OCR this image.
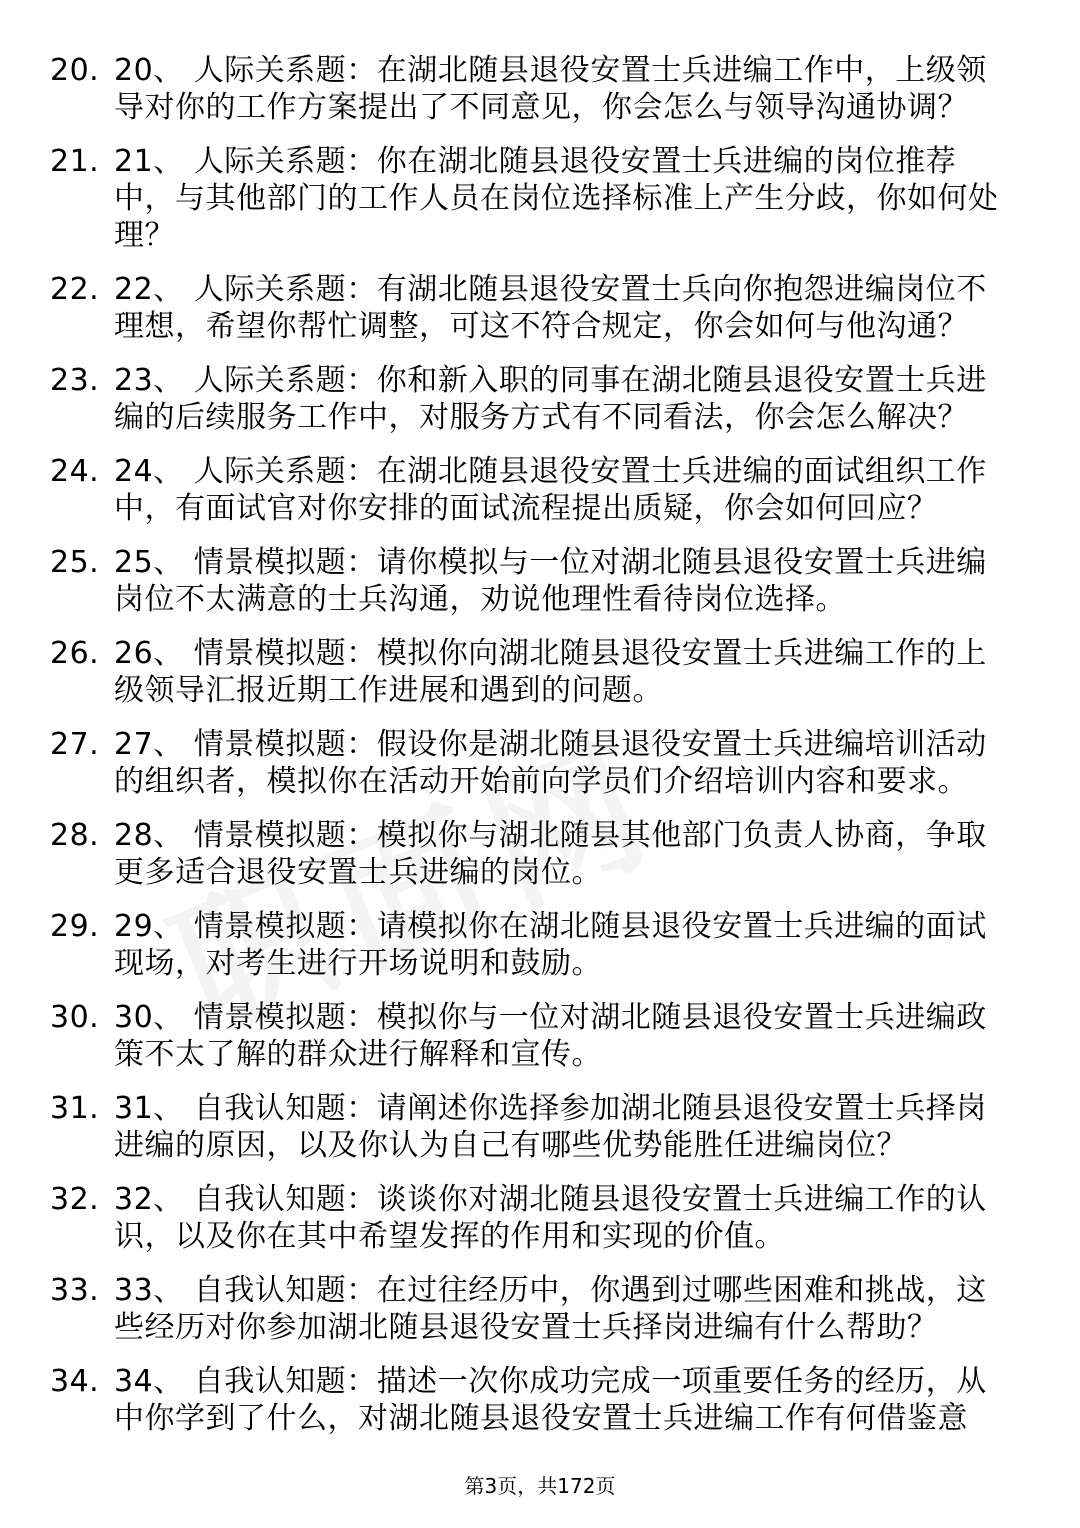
20. 20、 人际关系题：在湖北随县退役安置士兵进编工作中，上级领导对你的工作方案提出了不同意见，你会怎么与领导沟通协调？
21. 21、 人际关系题：你在湖北随县退役安置士兵进编的岗位推荐中，与其他部门的工作人员在岗位选择标准上产生分歧，你如何处理？
22. 22、 人际关系题：有湖北随县退役安置士兵向你抱怨进编岗位不理想，希望你帮忙调整，可这不符合规定，你会如何与他沟通？
23. 23、 人际关系题：你和新入职的同事在湖北随县退役安置士兵进编的后续服务工作中，对服务方式有不同看法，你会怎么解决？
24. 24、 人际关系题：在湖北随县退役安置士兵进编的面试组织工作中，有面试官对你安排的面试流程提出质疑，你会如何回应？
25. 25、 情景模拟题：请你模拟与一位对湖北随县退役安置士兵进编岗位不太满意的士兵沟通，劝说他理性看待岗位选择。
26. 26、 情景模拟题：模拟你向湖北随县退役安置士兵进编工作的上级领导汇报近期工作进展和遇到的问题。
27. 27、 情景模拟题：假设你是湖北随县退役安置士兵进编培训活动的组织者，模拟你在活动开始前向学员们介绍培训内容和要求。
28. 28、 情景模拟题：模拟你与湖北随县其他部门负责人协商，争取更多适合退役安置士兵进编的岗位。
29. 29、 情景模拟题：请模拟你在湖北随县退役安置士兵进编的面试现场，对考生进行开场说明和鼓励。
30. 30、 情景模拟题：模拟你与一位对湖北随县退役安置士兵进编政策不太了解的群众进行解释和宣传。
31. 31、 自我认知题：请阐述你选择参加湖北随县退役安置士兵择岗进编的原因，以及你认为自己有哪些优势能胜任进编岗位？
32. 32、 自我认知题：谈谈你对湖北随县退役安置士兵进编工作的认识，以及你在其中希望发挥的作用和实现的价值。
33. 33、 自我认知题：在过往经历中，你遇到过哪些困难和挑战，这些经历对你参加湖北随县退役安置士兵择岗进编有什么帮助？
34. 34、 自我认知题：描述一次你成功完成一项重要任务的经历，从中你学到了什么，对湖北随县退役安置士兵进编工作有何借鉴意
第3页，共172页
